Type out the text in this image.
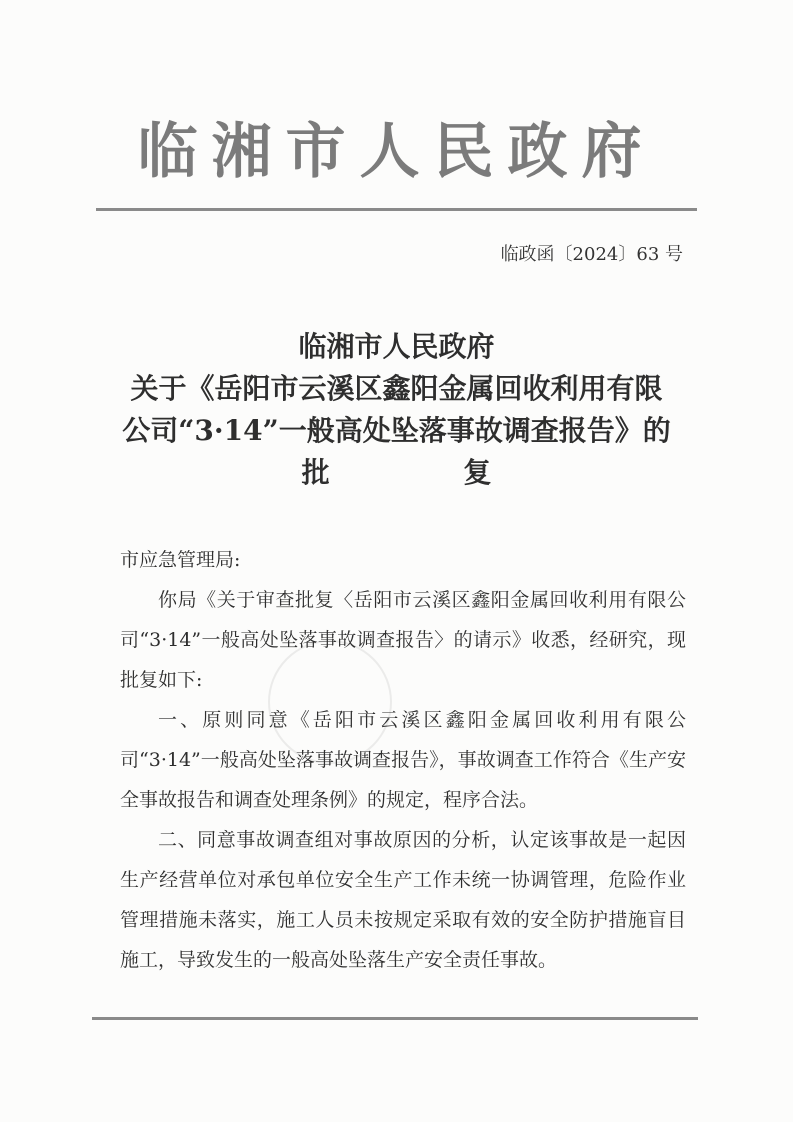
临湘市人民政府
临政函〔2024〕63 号
临湘市人民政府
关于《岳阳市云溪区鑫阳金属回收利用有限
公司“3·14”一般高处坠落事故调查报告》的
批 复

市应急管理局:

你局《关于审查批复〈岳阳市云溪区鑫阳金属回收利用有限公司“3·14”一般高处坠落事故调查报告〉的请示》收悉，经研究，现批复如下:

一、原则同意《岳阳市云溪区鑫阳金属回收利用有限公司“3·14”一般高处坠落事故调查报告》，事故调查工作符合《生产安全事故报告和调查处理条例》的规定，程序合法。

二、同意事故调查组对事故原因的分析，认定该事故是一起因生产经营单位对承包单位安全生产工作未统一协调管理，危险作业管理措施未落实，施工人员未按规定采取有效的安全防护措施盲目施工，导致发生的一般高处坠落生产安全责任事故。
